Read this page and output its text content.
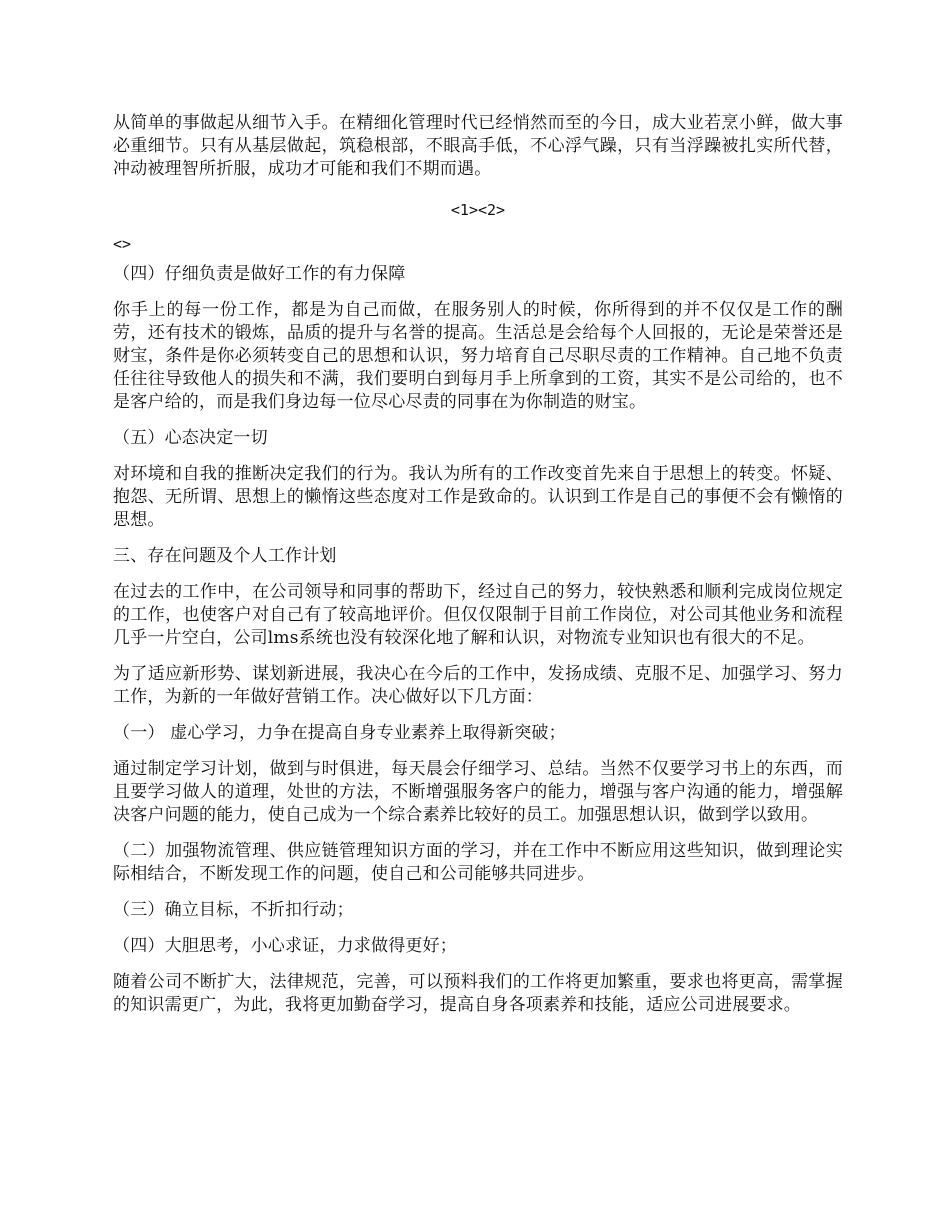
从简单的事做起从细节入手。在精细化管理时代已经悄然而至的今日，成大业若烹小鲜，做大事必重细节。只有从基层做起，筑稳根部，不眼高手低，不心浮气躁，只有当浮躁被扎实所代替，冲动被理智所折服，成功才可能和我们不期而遇。

<1><2>

<>

（四）仔细负责是做好工作的有力保障

你手上的每一份工作，都是为自己而做，在服务别人的时候，你所得到的并不仅仅是工作的酬劳，还有技术的锻炼，品质的提升与名誉的提高。生活总是会给每个人回报的，无论是荣誉还是财宝，条件是你必须转变自己的思想和认识，努力培育自己尽职尽责的工作精神。自己地不负责任往往导致他人的损失和不满，我们要明白到每月手上所拿到的工资，其实不是公司给的，也不是客户给的，而是我们身边每一位尽心尽责的同事在为你制造的财宝。

（五）心态决定一切

对环境和自我的推断决定我们的行为。我认为所有的工作改变首先来自于思想上的转变。怀疑、抱怨、无所谓、思想上的懒惰这些态度对工作是致命的。认识到工作是自己的事便不会有懒惰的思想。

三、存在问题及个人工作计划

在过去的工作中，在公司领导和同事的帮助下，经过自己的努力，较快熟悉和顺利完成岗位规定的工作，也使客户对自己有了较高地评价。但仅仅限制于目前工作岗位，对公司其他业务和流程几乎一片空白，公司lms系统也没有较深化地了解和认识，对物流专业知识也有很大的不足。

为了适应新形势、谋划新进展，我决心在今后的工作中，发扬成绩、克服不足、加强学习、努力工作，为新的一年做好营销工作。决心做好以下几方面：

（一） 虚心学习，力争在提高自身专业素养上取得新突破；

通过制定学习计划，做到与时俱进，每天晨会仔细学习、总结。当然不仅要学习书上的东西，而且要学习做人的道理，处世的方法，不断增强服务客户的能力，增强与客户沟通的能力，增强解决客户问题的能力，使自己成为一个综合素养比较好的员工。加强思想认识，做到学以致用。

（二）加强物流管理、供应链管理知识方面的学习，并在工作中不断应用这些知识，做到理论实际相结合，不断发现工作的问题，使自己和公司能够共同进步。

（三）确立目标，不折扣行动；

（四）大胆思考，小心求证，力求做得更好；

随着公司不断扩大，法律规范，完善，可以预料我们的工作将更加繁重，要求也将更高，需掌握的知识需更广，为此，我将更加勤奋学习，提高自身各项素养和技能，适应公司进展要求。
